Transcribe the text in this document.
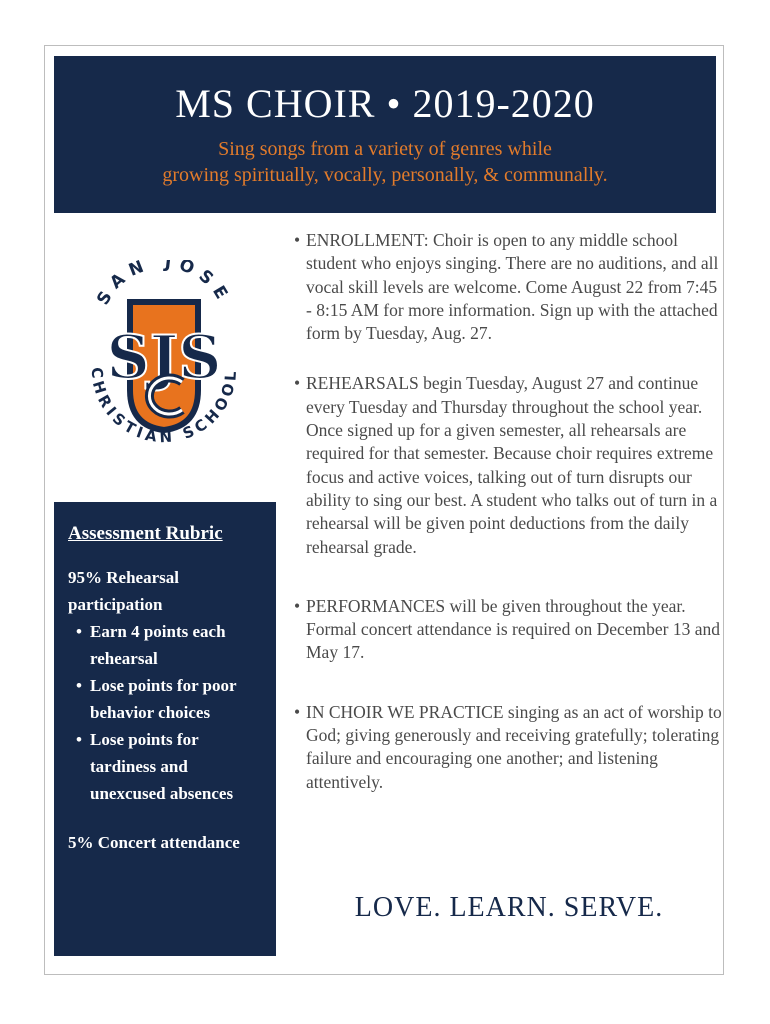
MS CHOIR • 2019-2020
Sing songs from a variety of genres while
growing spiritually, vocally, personally, & communally.
SJS
SAN JOSE
CHRISTIAN SCHOOL
Assessment Rubric
95% Rehearsal participation
• Earn 4 points each rehearsal
• Lose points for poor behavior choices
• Lose points for tardiness and unexcused absences
5% Concert attendance

• ENROLLMENT: Choir is open to any middle school student who enjoys singing. There are no auditions, and all vocal skill levels are welcome. Come August 22 from 7:45 - 8:15 AM for more information. Sign up with the attached form by Tuesday, Aug. 27.

• REHEARSALS begin Tuesday, August 27 and continue every Tuesday and Thursday throughout the school year. Once signed up for a given semester, all rehearsals are required for that semester. Because choir requires extreme focus and active voices, talking out of turn disrupts our ability to sing our best. A student who talks out of turn in a rehearsal will be given point deductions from the daily rehearsal grade.

• PERFORMANCES will be given throughout the year. Formal concert attendance is required on December 13 and May 17.

• IN CHOIR WE PRACTICE singing as an act of worship to God; giving generously and receiving gratefully; tolerating failure and encouraging one another; and listening attentively.

LOVE. LEARN. SERVE.
